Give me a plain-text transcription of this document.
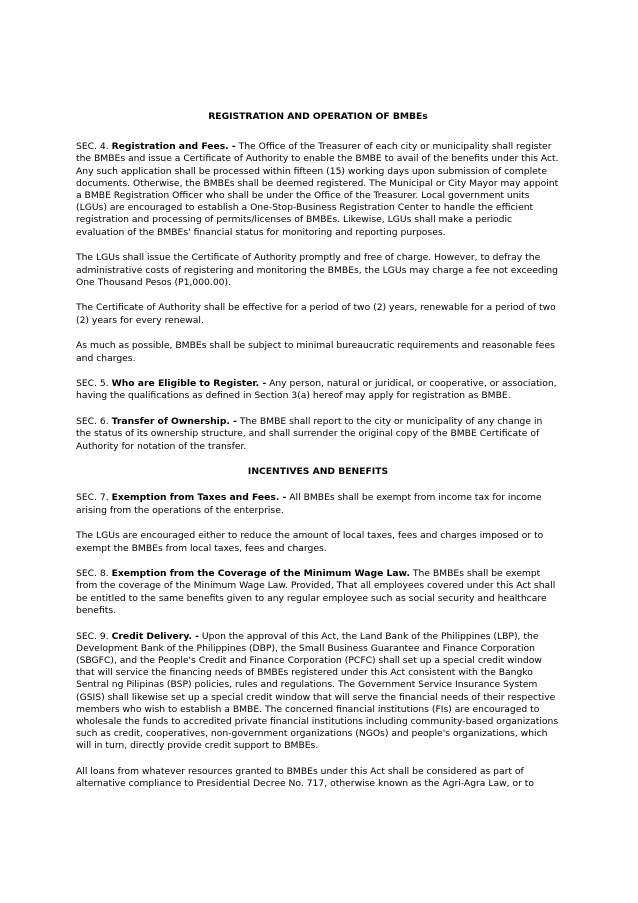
REGISTRATION AND OPERATION OF BMBEs

SEC. 4. Registration and Fees. - The Office of the Treasurer of each city or municipality shall register the BMBEs and issue a Certificate of Authority to enable the BMBE to avail of the benefits under this Act. Any such application shall be processed within fifteen (15) working days upon submission of complete documents. Otherwise, the BMBEs shall be deemed registered. The Municipal or City Mayor may appoint a BMBE Registration Officer who shall be under the Office of the Treasurer. Local government units (LGUs) are encouraged to establish a One-Stop-Business Registration Center to handle the efficient registration and processing of permits/licenses of BMBEs. Likewise, LGUs shall make a periodic evaluation of the BMBEs' financial status for monitoring and reporting purposes.

The LGUs shall issue the Certificate of Authority promptly and free of charge. However, to defray the administrative costs of registering and monitoring the BMBEs, the LGUs may charge a fee not exceeding One Thousand Pesos (P1,000.00).

The Certificate of Authority shall be effective for a period of two (2) years, renewable for a period of two (2) years for every renewal.

As much as possible, BMBEs shall be subject to minimal bureaucratic requirements and reasonable fees and charges.

SEC. 5. Who are Eligible to Register. - Any person, natural or juridical, or cooperative, or association, having the qualifications as defined in Section 3(a) hereof may apply for registration as BMBE.

SEC. 6. Transfer of Ownership. - The BMBE shall report to the city or municipality of any change in the status of its ownership structure, and shall surrender the original copy of the BMBE Certificate of Authority for notation of the transfer.

INCENTIVES AND BENEFITS

SEC. 7. Exemption from Taxes and Fees. - All BMBEs shall be exempt from income tax for income arising from the operations of the enterprise.

The LGUs are encouraged either to reduce the amount of local taxes, fees and charges imposed or to exempt the BMBEs from local taxes, fees and charges.

SEC. 8. Exemption from the Coverage of the Minimum Wage Law. The BMBEs shall be exempt from the coverage of the Minimum Wage Law. Provided, That all employees covered under this Act shall be entitled to the same benefits given to any regular employee such as social security and healthcare benefits.

SEC. 9. Credit Delivery. - Upon the approval of this Act, the Land Bank of the Philippines (LBP), the Development Bank of the Philippines (DBP), the Small Business Guarantee and Finance Corporation (SBGFC), and the People's Credit and Finance Corporation (PCFC) shall set up a special credit window that will service the financing needs of BMBEs registered under this Act consistent with the Bangko Sentral ng Pilipinas (BSP) policies, rules and regulations. The Government Service Insurance System (GSIS) shall likewise set up a special credit window that will serve the financial needs of their respective members who wish to establish a BMBE. The concerned financial institutions (FIs) are encouraged to wholesale the funds to accredited private financial institutions including community-based organizations such as credit, cooperatives, non-government organizations (NGOs) and people's organizations, which will in turn, directly provide credit support to BMBEs.

All loans from whatever resources granted to BMBEs under this Act shall be considered as part of alternative compliance to Presidential Decree No. 717, otherwise known as the Agri-Agra Law, or to
